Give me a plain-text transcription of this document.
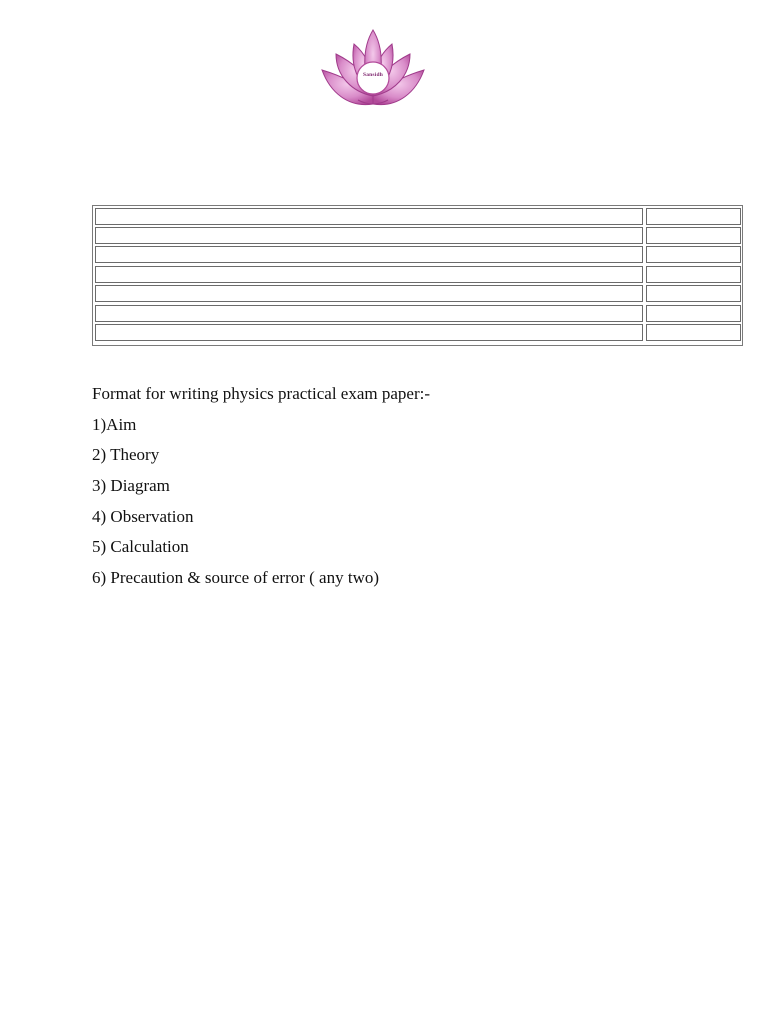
Sansidh

Format for writing physics practical exam paper:-

1)Aim

2) Theory

3) Diagram

4) Observation

5) Calculation

6) Precaution & source of error ( any two)
